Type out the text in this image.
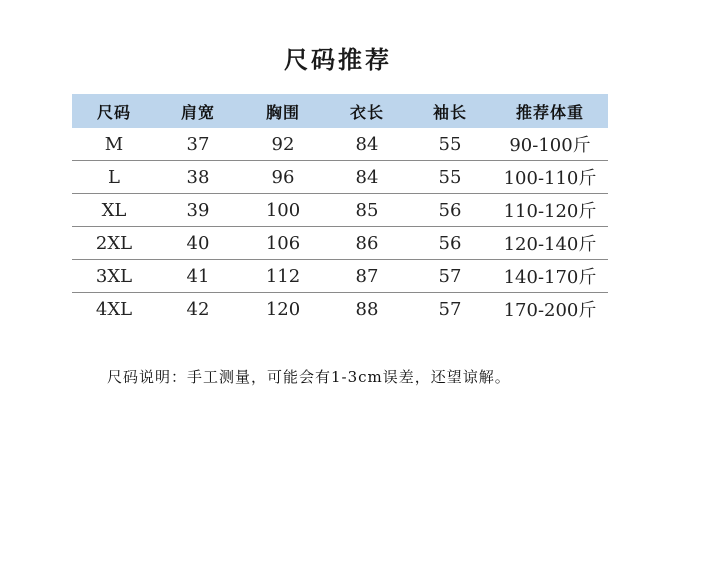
尺码推荐
尺码	肩宽	胸围	衣长	袖长	推荐体重
M	37	92	84	55	90-100斤
L	38	96	84	55	100-110斤
XL	39	100	85	56	110-120斤
2XL	40	106	86	56	120-140斤
3XL	41	112	87	57	140-170斤
4XL	42	120	88	57	170-200斤
尺码说明：手工测量，可能会有1-3cm误差，还望谅解。
